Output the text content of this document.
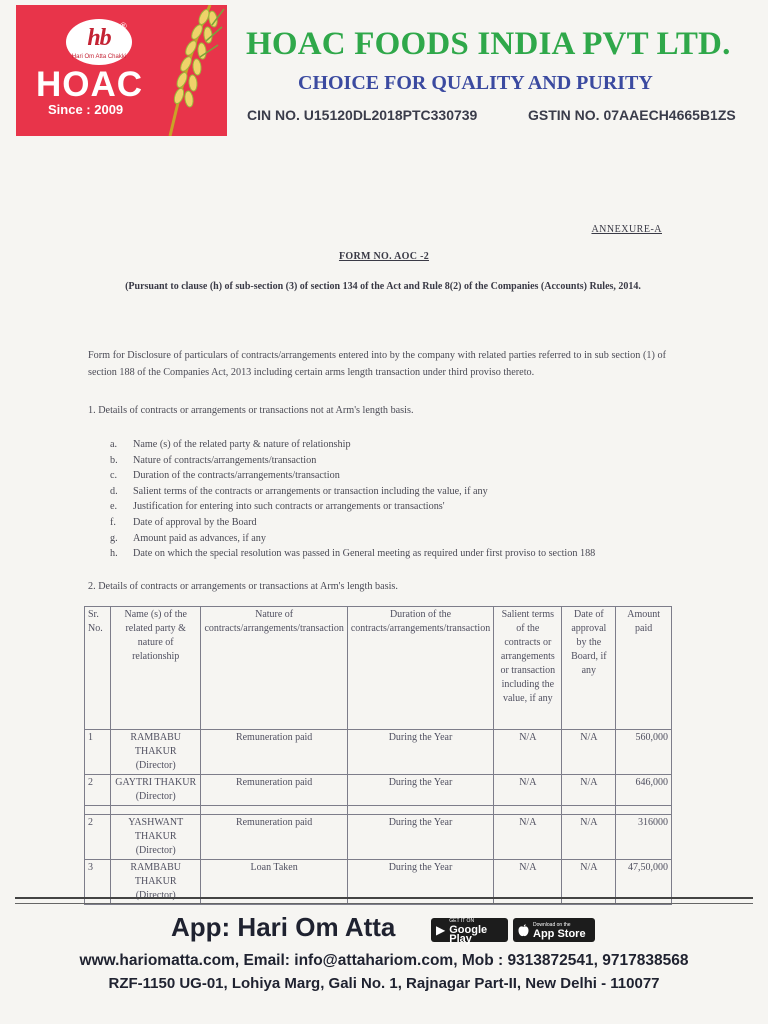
hb
Hari Om Atta Chakki
®
HOAC
Since : 2009
HOAC FOODS INDIA PVT LTD.
CHOICE FOR QUALITY AND PURITY
CIN NO. U15120DL2018PTC330739	GSTIN NO. 07AAECH4665B1ZS
ANNEXURE-A
FORM NO. AOC -2
(Pursuant to clause (h) of sub-section (3) of section 134 of the Act and Rule 8(2) of the Companies (Accounts) Rules, 2014.
Form for Disclosure of particulars of contracts/arrangements entered into by the company with related parties referred to in sub section (1) of section 188 of the Companies Act, 2013 including certain arms length transaction under third proviso thereto.
1. Details of contracts or arrangements or transactions not at Arm's length basis.
a. Name (s) of the related party & nature of relationship
b. Nature of contracts/arrangements/transaction
c. Duration of the contracts/arrangements/transaction
d. Salient terms of the contracts or arrangements or transaction including the value, if any
e. Justification for entering into such contracts or arrangements or transactions'
f. Date of approval by the Board
g. Amount paid as advances, if any
h. Date on which the special resolution was passed in General meeting as required under first proviso to section 188
2. Details of contracts or arrangements or transactions at Arm's length basis.
Sr. No.	Name (s) of the related party & nature of relationship	Nature of contracts/arrangements/transaction	Duration of the contracts/arrangements/transaction	Salient terms of the contracts or arrangements or transaction including the value, if any	Date of approval by the Board, if any	Amount paid
1	RAMBABU THAKUR
(Director)	Remuneration paid	During the Year	N/A	N/A	560,000
2	GAYTRI THAKUR
(Director)	Remuneration paid	During the Year	N/A	N/A	646,000

2	YASHWANT THAKUR
(Director)	Remuneration paid	During the Year	N/A	N/A	316000
3	RAMBABU THAKUR
(Director)	Loan Taken	During the Year	N/A	N/A	47,50,000
App: Hari Om Atta	▶
GET IT ON
Google Play
Download on the
App Store
www.hariomatta.com, Email: info@attahariom.com, Mob : 9313872541, 9717838568
RZF-1150 UG-01, Lohiya Marg, Gali No. 1, Rajnagar Part-II, New Delhi - 110077
